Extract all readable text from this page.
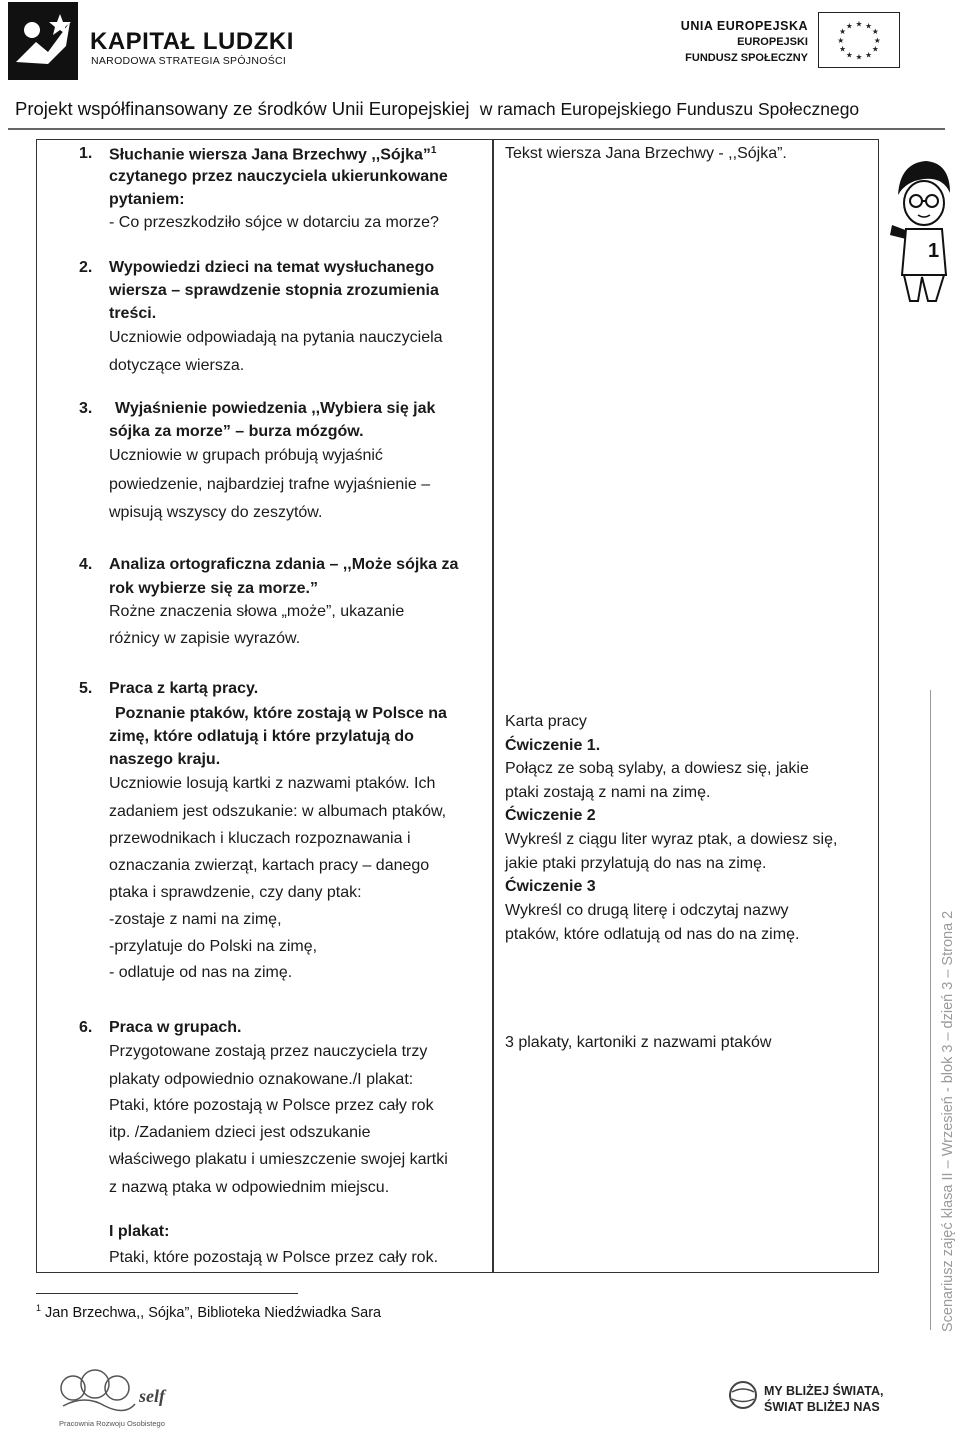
KAPITAŁ LUDZKI
NARODOWA STRATEGIA SPÓJNOŚCI
UNIA EUROPEJSKA
EUROPEJSKI
FUNDUSZ SPOŁECZNY
★ ★
★
★
★
★
★
★
★
★
★
★
Projekt współfinansowany ze środków Unii Europejskiej w ramach Europejskiego Funduszu Społecznego
1. Słuchanie wiersza Jana Brzechwy ,,Sójka”$^1$
czytanego przez nauczyciela ukierunkowane
pytaniem:
- Co przeszkodziło sójce w dotarciu za morze?
2. Wypowiedzi dzieci na temat wysłuchanego
wiersza – sprawdzenie stopnia zrozumienia
treści.
Uczniowie odpowiadają na pytania nauczyciela
dotyczące wiersza.
3. Wyjaśnienie powiedzenia ,,Wybiera się jak
sójka za morze” – burza mózgów.
Uczniowie w grupach próbują wyjaśnić
powiedzenie, najbardziej trafne wyjaśnienie –
wpisują wszyscy do zeszytów.
4. Analiza ortograficzna zdania – ,,Może sójka za
rok wybierze się za morze.”
Rożne znaczenia słowa „może”, ukazanie
różnicy w zapisie wyrazów.
5. Praca z kartą pracy.
Poznanie ptaków, które zostają w Polsce na
zimę, które odlatują i które przylatują do
naszego kraju.
Uczniowie losują kartki z nazwami ptaków. Ich
zadaniem jest odszukanie: w albumach ptaków,
przewodnikach i kluczach rozpoznawania i
oznaczania zwierząt, kartach pracy – danego
ptaka i sprawdzenie, czy dany ptak:
-zostaje z nami na zimę,
-przylatuje do Polski na zimę,
- odlatuje od nas na zimę.
6. Praca w grupach.
Przygotowane zostają przez nauczyciela trzy
plakaty odpowiednio oznakowane./I plakat:
Ptaki, które pozostają w Polsce przez cały rok
itp. /Zadaniem dzieci jest odszukanie
właściwego plakatu i umieszczenie swojej kartki
z nazwą ptaka w odpowiednim miejscu.
I plakat:
Ptaki, które pozostają w Polsce przez cały rok.
Tekst wiersza Jana Brzechwy - ,,Sójka”.
Karta pracy
Ćwiczenie 1.
Połącz ze sobą sylaby, a dowiesz się, jakie
ptaki zostają z nami na zimę.
Ćwiczenie 2
Wykreśl z ciągu liter wyraz ptak, a dowiesz się,
jakie ptaki przylatują do nas na zimę.
Ćwiczenie 3
Wykreśl co drugą literę i odczytaj nazwy
ptaków, które odlatują od nas do na zimę.
3 plakaty, kartoniki z nazwami ptaków
1
$^1$ Jan Brzechwa,, Sójka”, Biblioteka Niedźwiadka Sara	Scenariusz zajęć klasa II – Wrzesień - blok 3 – dzień 3 – Strona 2
self
Pracownia Rozwoju Osobistego
MY BLIŻEJ ŚWIATA,
ŚWIAT BLIŻEJ NAS
